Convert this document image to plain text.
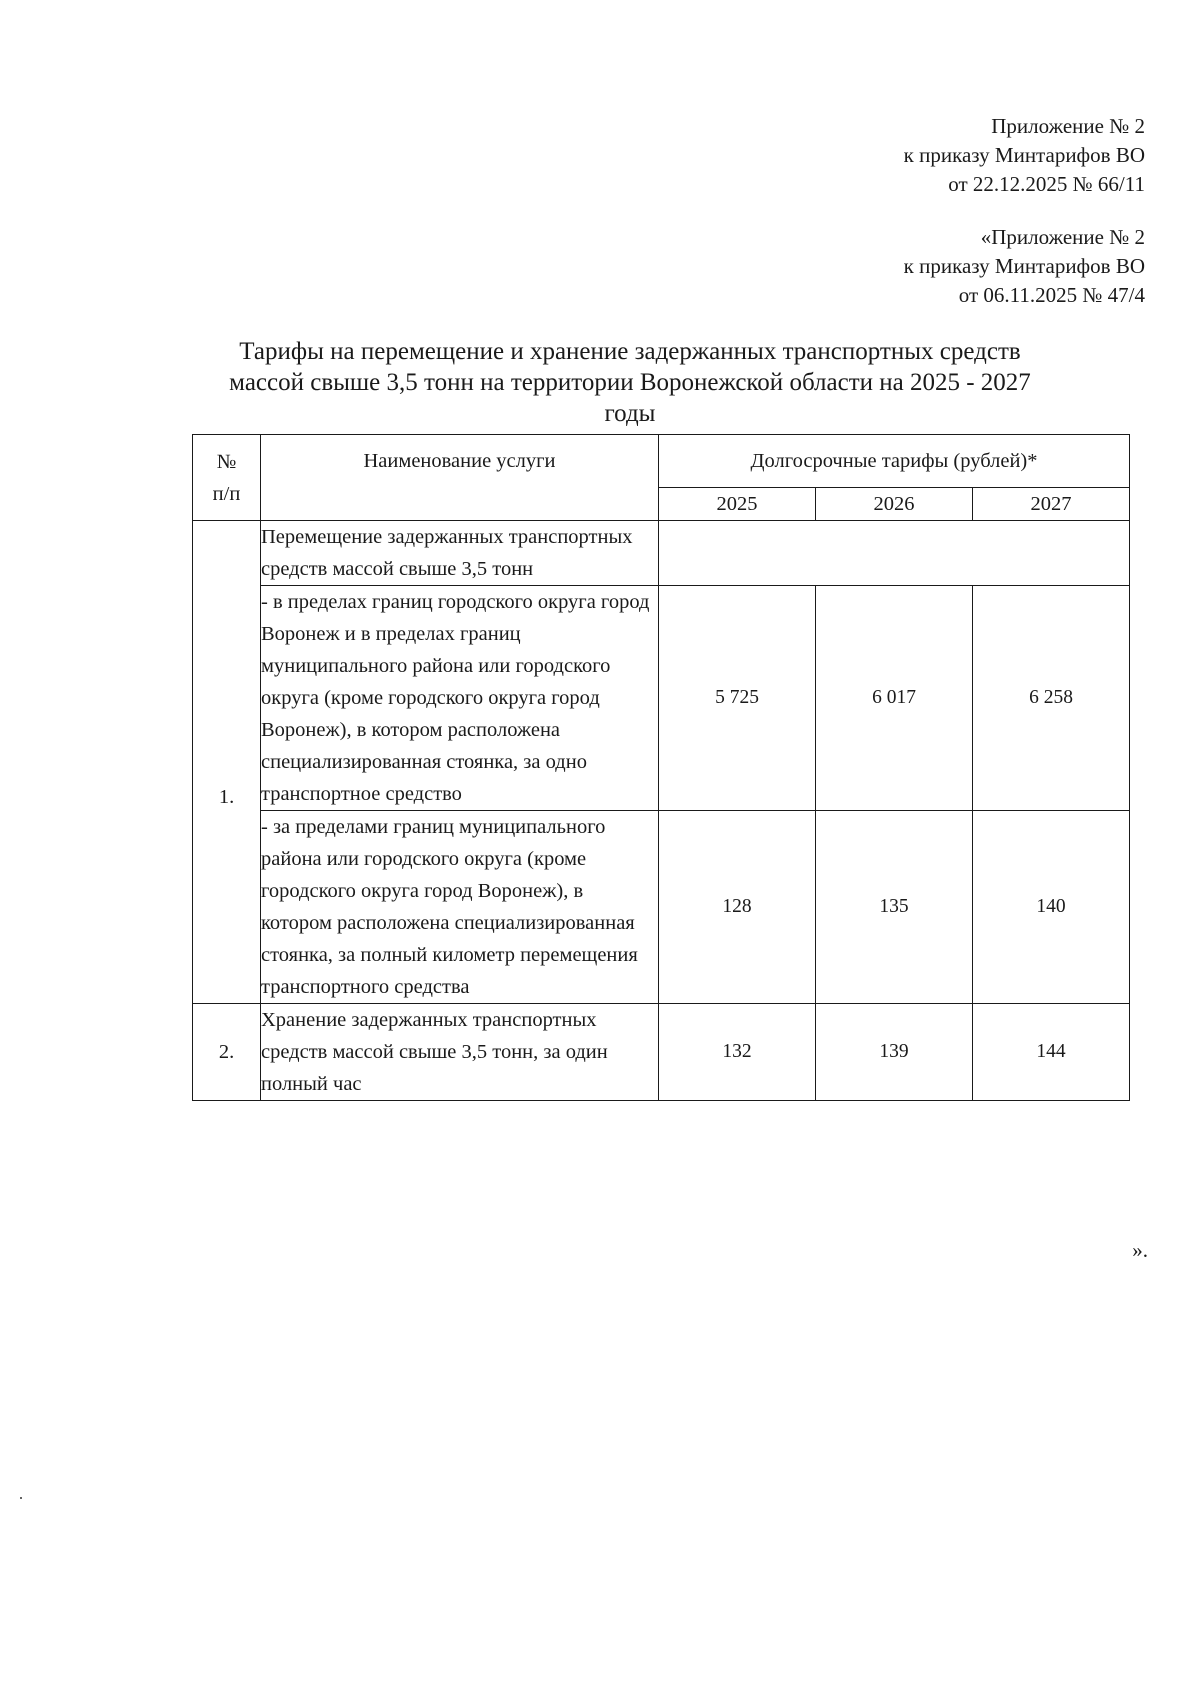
Приложение № 2
к приказу Минтарифов ВО
от 22.12.2025 № 66/11
«Приложение № 2
к приказу Минтарифов ВО
от 06.11.2025 № 47/4
Тарифы на перемещение и хранение задержанных транспортных средств
массой свыше 3,5 тонн на территории Воронежской области на 2025 - 2027
годы
№
п/п	Наименование услуги	Долгосрочные тарифы (рублей)*		
		2025	2026	2027
1.	Перемещение задержанных транспортных средств массой свыше 3,5 тонн			
	- в пределах границ городского округа город Воронеж и в пределах границ муниципального района или городского округа (кроме городского округа город Воронеж), в котором расположена специализированная стоянка, за одно транспортное средство	5 725	6 017	6 258
	- за пределами границ муниципального района или городского округа (кроме городского округа город Воронеж), в котором расположена специализированная стоянка, за полный километр перемещения транспортного средства	128	135	140
2.	Хранение задержанных транспортных средств массой свыше 3,5 тонн, за один полный час	132	139	144
».
